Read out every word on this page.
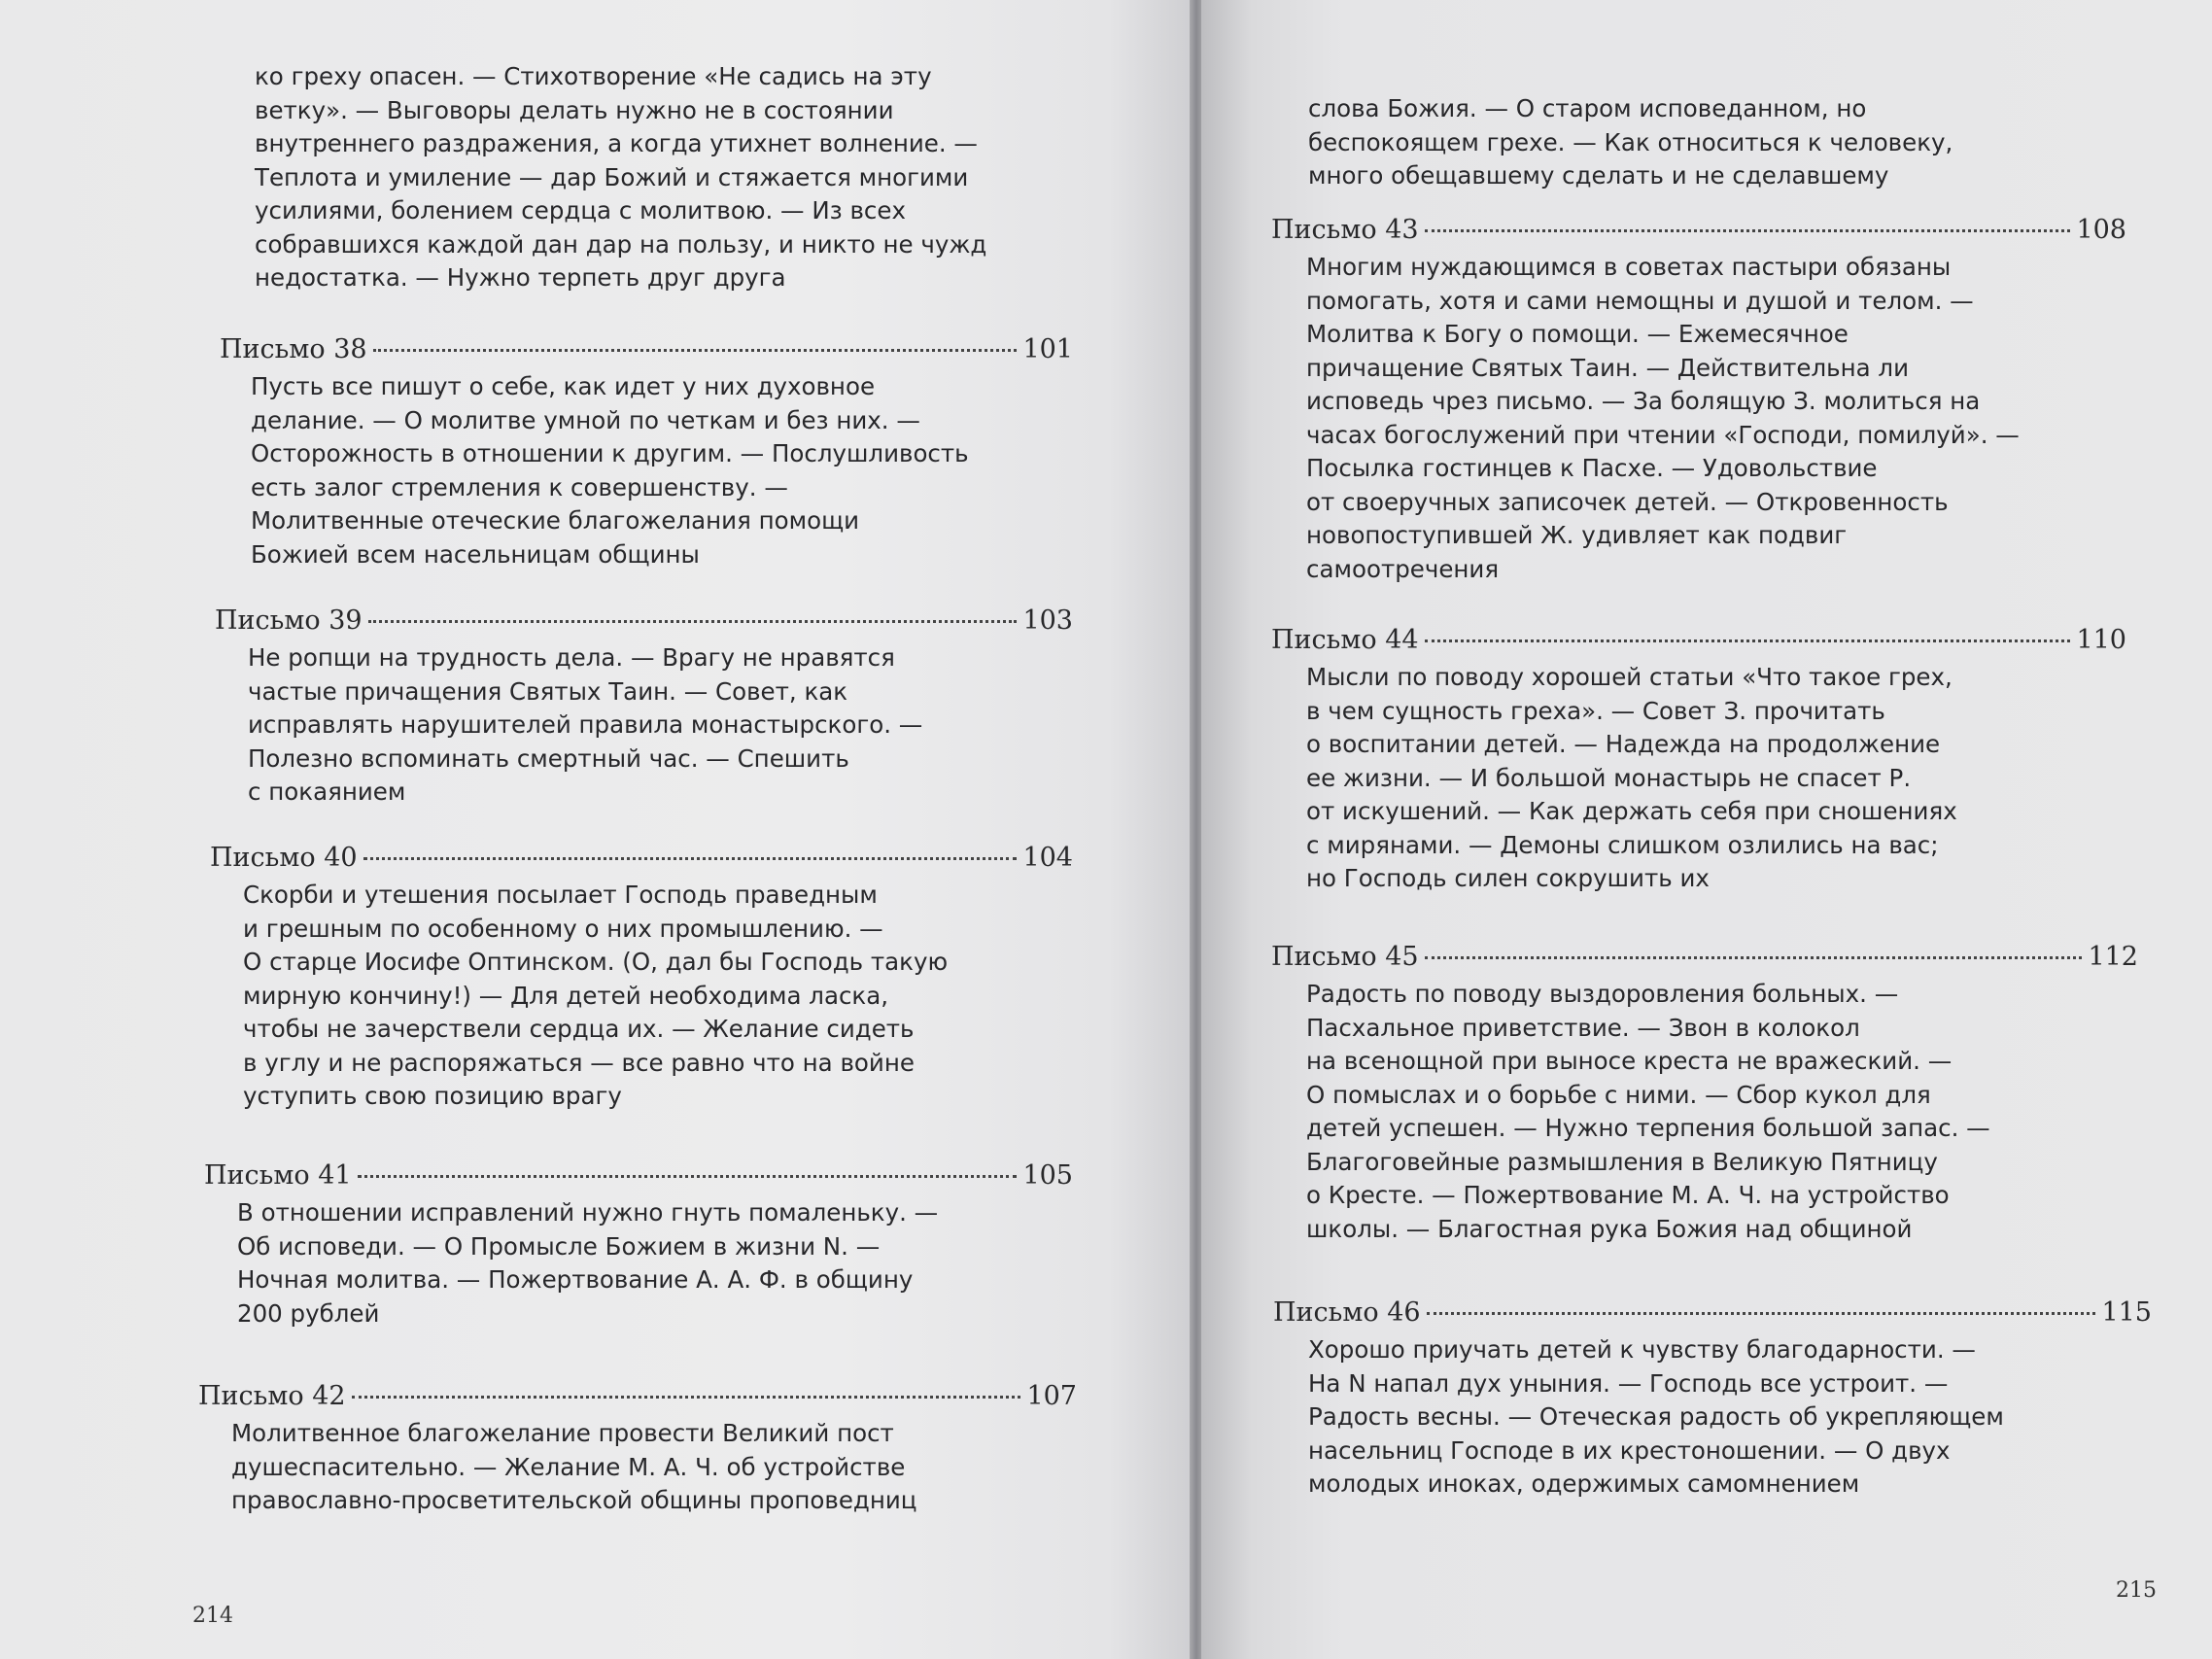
ко греху опасен. — Стихотворение «Не садись на эту
ветку». — Выговоры делать нужно не в состоянии
внутреннего раздражения, а когда утихнет волнение. —
Теплота и умиление — дар Божий и стяжается многими
усилиями, болением сердца с молитвою. — Из всех
собравшихся каждой дан дар на пользу, и никто не чужд
недостатка. — Нужно терпеть друг друга
Письмо 38	101
Пусть все пишут о себе, как идет у них духовное
делание. — О молитве умной по четкам и без них. —
Осторожность в отношении к другим. — Послушливость
есть залог стремления к совершенству. —
Молитвенные отеческие благожелания помощи
Божией всем насельницам общины
Письмо 39	103
Не ропщи на трудность дела. — Врагу не нравятся
частые причащения Святых Таин. — Совет, как
исправлять нарушителей правила монастырского. —
Полезно вспоминать смертный час. — Спешить
с покаянием
Письмо 40	104
Скорби и утешения посылает Господь праведным
и грешным по особенному о них промышлению. —
О старце Иосифе Оптинском. (О, дал бы Господь такую
мирную кончину!) — Для детей необходима ласка,
чтобы не зачерствели сердца их. — Желание сидеть
в углу и не распоряжаться — все равно что на войне
уступить свою позицию врагу
Письмо 41	105
В отношении исправлений нужно гнуть помаленьку. —
Об исповеди. — О Промысле Божием в жизни N. —
Ночная молитва. — Пожертвование А. А. Ф. в общину
200 рублей
Письмо 42	107
Молитвенное благожелание провести Великий пост
душеспасительно. — Желание М. А. Ч. об устройстве
православно-просветительской общины проповедниц
214
слова Божия. — О старом исповеданном, но
беспокоящем грехе. — Как относиться к человеку,
много обещавшему сделать и не сделавшему
Письмо 43	108
Многим нуждающимся в советах пастыри обязаны
помогать, хотя и сами немощны и душой и телом. —
Молитва к Богу о помощи. — Ежемесячное
причащение Святых Таин. — Действительна ли
исповедь чрез письмо. — За болящую З. молиться на
часах богослужений при чтении «Господи, помилуй». —
Посылка гостинцев к Пасхе. — Удовольствие
от своеручных записочек детей. — Откровенность
новопоступившей Ж. удивляет как подвиг
самоотречения
Письмо 44	110
Мысли по поводу хорошей статьи «Что такое грех,
в чем сущность греха». — Совет З. прочитать
о воспитании детей. — Надежда на продолжение
ее жизни. — И большой монастырь не спасет Р.
от искушений. — Как держать себя при сношениях
с мирянами. — Демоны слишком озлились на вас;
но Господь силен сокрушить их
Письмо 45	112
Радость по поводу выздоровления больных. —
Пасхальное приветствие. — Звон в колокол
на всенощной при выносе креста не вражеский. —
О помыслах и о борьбе с ними. — Сбор кукол для
детей успешен. — Нужно терпения большой запас. —
Благоговейные размышления в Великую Пятницу
о Кресте. — Пожертвование М. А. Ч. на устройство
школы. — Благостная рука Божия над общиной
Письмо 46	115
Хорошо приучать детей к чувству благодарности. —
На N напал дух уныния. — Господь все устроит. —
Радость весны. — Отеческая радость об укрепляющем
насельниц Господе в их крестоношении. — О двух
молодых иноках, одержимых самомнением
215
